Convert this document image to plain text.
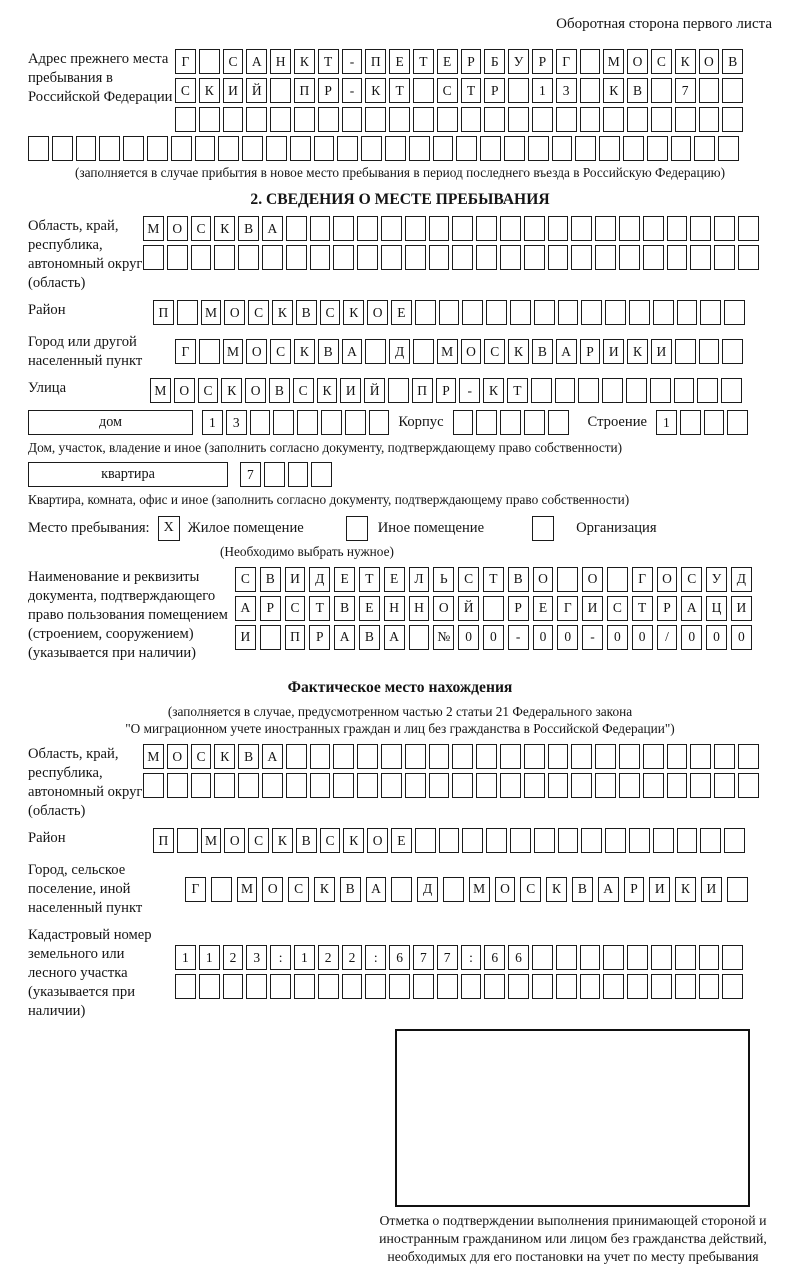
Оборотная сторона первого листа
Адрес прежнего места пребывания в Российской Федерации
Г	С	А	Н	К	Т	-	П	Е	Т	Е	Р	Б	У	Р	Г	М О	С	К	О	В
С	К	И	Й	П	Р	-	К	Т	С	Т	Р	1	3	К	В	7
(заполняется в случае прибытия в новое место пребывания в период последнего въезда в Российскую Федерацию)
2. СВЕДЕНИЯ О МЕСТЕ ПРЕБЫВАНИЯ
Область, край, республика, автономный округ (область)
М О	С	К	В	А
Район	П	М О	С	К	В	С	К	О	Е
Город или другой населенный пункт
Г	М О	С	К	В	А	Д	М О	С	К	В	А	Р	И	К	И
Улица	М О	С	К	О	В	С	К	И	Й	П	Р	-	К	Т
дом	1	3	Корпус	Строение	1
Дом, участок, владение и иное (заполнить согласно документу, подтверждающему право собственности)
квартира	7
Квартира, комната, офис и иное (заполнить согласно документу, подтверждающему право собственности)
Место пребывания: X Жилое помещение	Иное помещение	Организация
(Необходимо выбрать нужное)
Наименование и реквизиты документа, подтверждающего право пользования помещением (строением, сооружением) (указывается при наличии)
С	В	И	Д	Е	Т	Е	Л	Ь	С	Т	В	О	О	Г	О	С	У	Д
А	Р	С	Т	В	Е	Н	Н	О	Й	Р	Е	Г	И	С	Т	Р	А	Ц	И
И	П	Р	А	В	А	№	0	0	-	0	0	-	0	0	/	0	0	0
Фактическое место нахождения
(заполняется в случае, предусмотренном частью 2 статьи 21 Федерального закона
"О миграционном учете иностранных граждан и лиц без гражданства в Российской Федерации")
Область, край, республика, автономный округ (область)
М О	С	К	В	А
Район	П	М О	С	К	В	С	К	О	Е
Город, сельское поселение, иной населенный пункт
Г	М	О	С	К	В	А	Д	М	О	С	К	В	А	Р	И	К	И
Кадастровый номер земельного или лесного участка (указывается при наличии)
1	1	2	3	:	1	2	2	:	6	7	7	:	6	6
Отметка о подтверждении выполнения принимающей стороной и иностранным гражданином или лицом без гражданства действий, необходимых для его постановки на учет по месту пребывания
